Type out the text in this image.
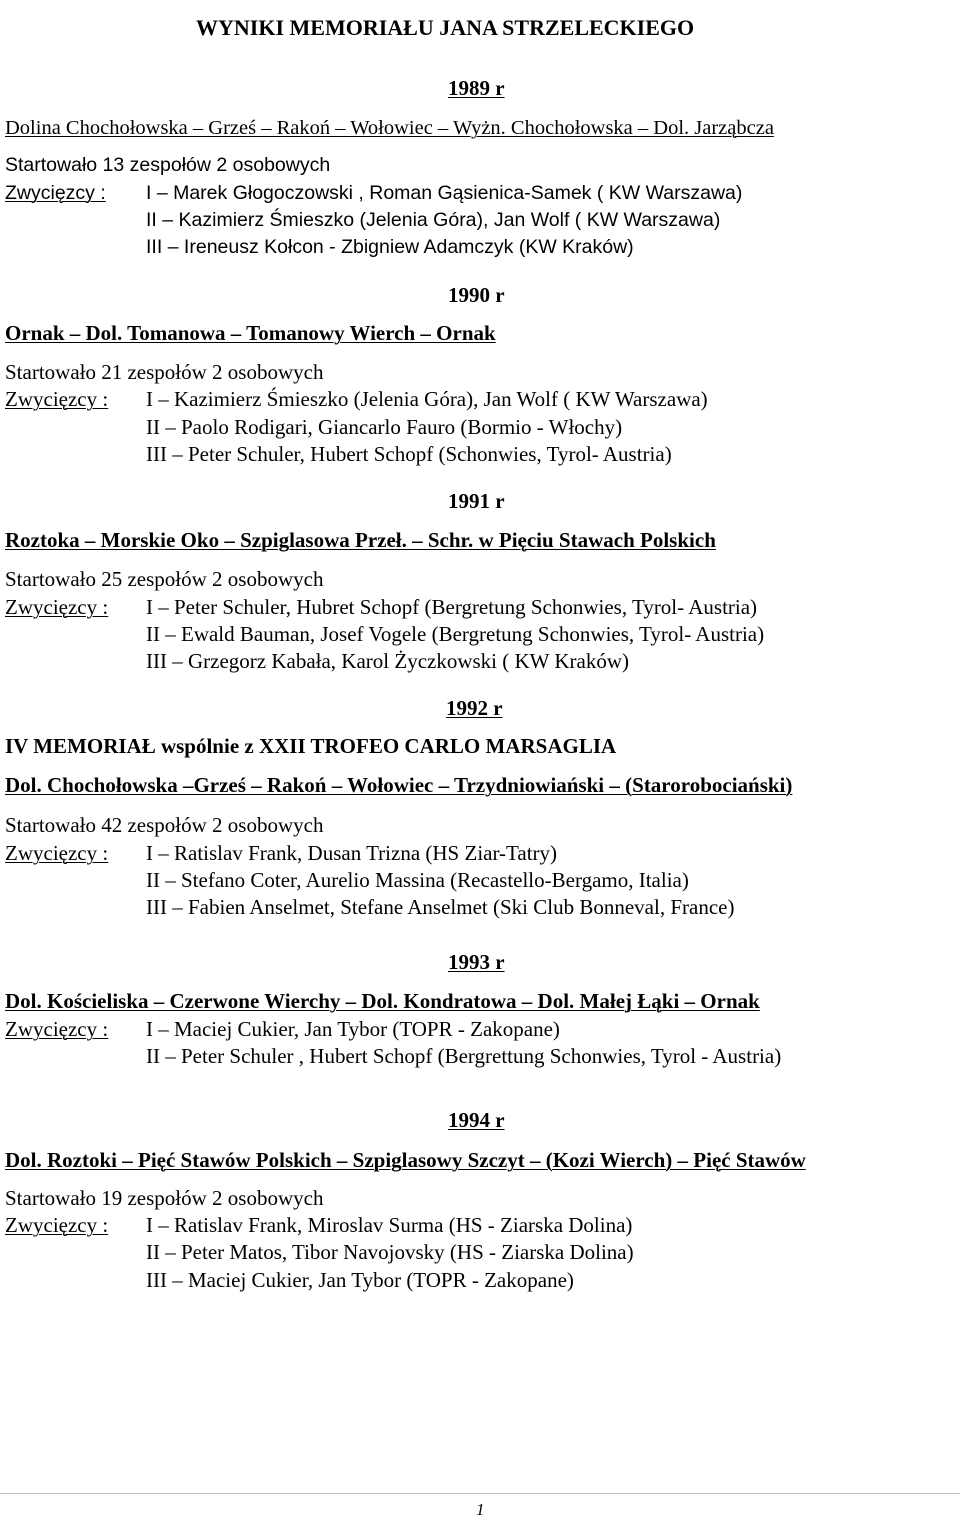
WYNIKI MEMORIAŁU JANA STRZELECKIEGO
1989 r
Dolina Chochołowska – Grześ – Rakoń – Wołowiec – Wyżn. Chochołowska – Dol. Jarząbcza
Startowało 13 zespołów 2 osobowych
Zwycięzcy : I – Marek Głogoczowski , Roman Gąsienica-Samek ( KW Warszawa)
II – Kazimierz Śmieszko (Jelenia Góra), Jan Wolf ( KW Warszawa)
III – Ireneusz Kołcon - Zbigniew Adamczyk (KW Kraków)
1990 r
Ornak – Dol. Tomanowa – Tomanowy Wierch – Ornak
Startowało 21 zespołów 2 osobowych
Zwycięzcy :	I – Kazimierz Śmieszko (Jelenia Góra), Jan Wolf ( KW Warszawa)
II – Paolo Rodigari, Giancarlo Fauro (Bormio - Włochy)
III – Peter Schuler, Hubert Schopf (Schonwies, Tyrol- Austria)
1991 r
Roztoka – Morskie Oko – Szpiglasowa Przeł. – Schr. w Pięciu Stawach Polskich
Startowało 25 zespołów 2 osobowych
Zwycięzcy : I – Peter Schuler, Hubret Schopf (Bergretung Schonwies, Tyrol- Austria)
II – Ewald Bauman, Josef Vogele (Bergretung Schonwies, Tyrol- Austria)
III – Grzegorz Kabała, Karol Życzkowski ( KW Kraków)
1992 r
IV MEMORIAŁ wspólnie z XXII TROFEO CARLO MARSAGLIA
Dol. Chochołowska –Grześ – Rakoń – Wołowiec – Trzydniowiański – (Starorobociański)
Startowało 42 zespołów 2 osobowych
Zwycięzcy : I – Ratislav Frank, Dusan Trizna (HS Ziar-Tatry)
II – Stefano Coter, Aurelio Massina (Recastello-Bergamo, Italia)
III – Fabien Anselmet, Stefane Anselmet (Ski Club Bonneval, France)
1993 r
Dol. Kościeliska – Czerwone Wierchy – Dol. Kondratowa – Dol. Małej Łąki – Ornak
Zwycięzcy : I – Maciej Cukier, Jan Tybor (TOPR - Zakopane)
II – Peter Schuler , Hubert Schopf (Bergrettung Schonwies, Tyrol - Austria)
1994 r
Dol. Roztoki – Pięć Stawów Polskich – Szpiglasowy Szczyt – (Kozi Wierch) – Pięć Stawów
Startowało 19 zespołów 2 osobowych
Zwycięzcy : I – Ratislav Frank, Miroslav Surma (HS - Ziarska Dolina)
II – Peter Matos, Tibor Navojovsky (HS - Ziarska Dolina)
III – Maciej Cukier, Jan Tybor (TOPR - Zakopane)
1
